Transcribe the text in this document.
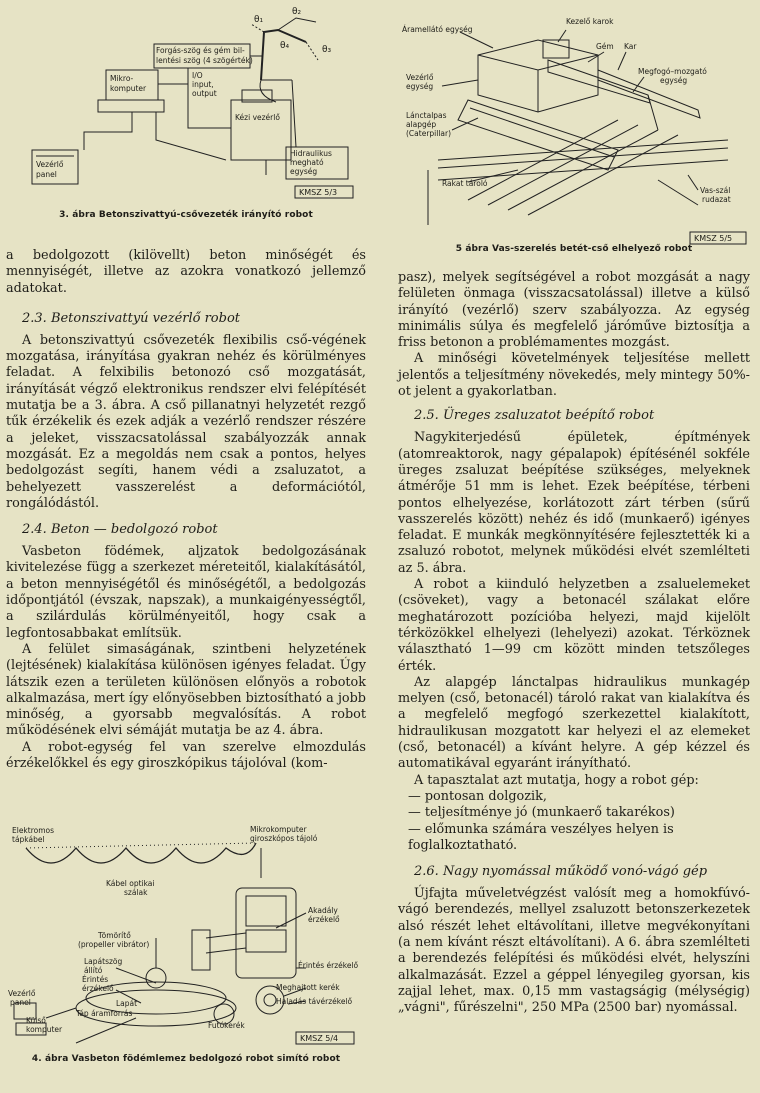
Forgás-szög és gém bil-
lentési szög (4 szögérték)
Mikro-
komputer
I/O
input,
output
Vezérlő
panel
Kézi vezérlő
Hidraulikus
megható
egység
θ₁
θ₂
θ₃
θ₄
KMSZ 5/3
3. ábra Betonszivattyú-csővezeték irányító robot

a bedolgozott (kilövellt) beton minőségét és mennyiségét, illetve az azokra vonatkozó jellemző adatokat.

2.3. Betonszivattyú vezérlő robot

A betonszivattyú csővezeték flexibilis cső-végének mozgatása, irányítása gyakran nehéz és körülményes feladat. A felxibilis betonozó cső mozgatását, irányítását végző elektronikus rendszer elvi felépítését mutatja be a 3. ábra. A cső pillanatnyi helyzetét rezgő tűk érzékelik és ezek adják a vezérlő rendszer részére a jeleket, visszacsatolással szabályozzák annak mozgását. Ez a megoldás nem csak a pontos, helyes bedolgozást segíti, hanem védi a zsaluzatot, a behelyezett vasszerelést a deformációtól, rongálódástól.

2.4. Beton — bedolgozó robot

Vasbeton födémek, aljzatok bedolgozásának kivitelezése függ a szerkezet méreteitől, kialakításától, a beton mennyiségétől és minőségétől, a bedolgozás időpontjától (évszak, napszak), a munkaigényességtől, a szilárdulás körülményeitől, hogy csak a legfontosabbakat említsük.

A felület simaságának, szintbeni helyzetének (lejtésének) kialakítása különösen igényes feladat. Úgy látszik ezen a területen különösen előnyös a robotok alkalmazása, mert így előnyösebben biztosítható a jobb minőség, a gyorsabb megvalósítás. A robot működésének elvi sémáját mutatja be az 4. ábra.

A robot-egység fel van szerelve elmozdulás érzékelőkkel és egy giroszkópikus tájolóval (kom-

Elektromos
tápkábel
Mikrokomputer
giroszkópos tájoló
Kábel optikai
szálak
Akadály
érzékelő
Tömörítő
(propeller vibrátor)
Lapátszög
állító
Érintés
érzékelő
Érintés érzékelő
Meghajtott kerék
Haladás távérzékelő
Lapát
Futókerék
Vezérlő
panel
Külső
komputer
Táp áramforrás
KMSZ 5/4
4. ábra Vasbeton födémlemez bedolgozó robot simító robot
Áramellátó egység
Kezelő karok
Gém Kar
Vezérlő
egység
Megfogó–mozgató
egység
Lánctalpas
alapgép
(Caterpillar)
Rakat tároló
Vas-szál
rudazat
KMSZ 5/5
5 ábra Vas-szerelés betét-cső elhelyező robot

pasz), melyek segítségével a robot mozgását a nagy felületen önmaga (visszacsatolással) illetve a külső irányító (vezérlő) szerv szabályozza. Az egység minimális súlya és megfelelő járóműve biztosítja a friss betonon a problémamentes mozgást.

A minőségi követelmények teljesítése mellett jelentős a teljesítmény növekedés, mely mintegy 50%-ot jelent a gyakorlatban.

2.5. Üreges zsaluzatot beépítő robot

Nagykiterjedésű épületek, építmények (atomreaktorok, nagy gépalapok) építésénél sokféle üreges zsaluzat beépítése szükséges, melyeknek átmérője 51 mm is lehet. Ezek beépítése, térbeni pontos elhelyezése, korlátozott zárt térben (sűrű vasszerelés között) nehéz és idő (munkaerő) igényes feladat. E munkák megkönnyítésére fejlesztették ki a zsaluzó robotot, melynek működési elvét szemlélteti az 5. ábra.

A robot a kiinduló helyzetben a zsaluelemeket (csöveket), vagy a betonacél szálakat előre meghatározott pozícióba helyezi, majd kijelölt térközökkel elhelyezi (lehelyezi) azokat. Térköznek választható 1—99 cm között minden tetszőleges érték.

Az alapgép lánctalpas hidraulikus munkagép melyen (cső, betonacél) tároló rakat van kialakítva és a megfelelő megfogó szerkezettel kialakított, hidraulikusan mozgatott kar helyezi el az elemeket (cső, betonacél) a kívánt helyre. A gép kézzel és automatikával egyaránt irányítható.

A tapasztalat azt mutatja, hogy a robot gép:

— pontosan dolgozik,
— teljesítménye jó (munkaerő takarékos)
— előmunka számára veszélyes helyen is foglalkoztatható.

2.6. Nagy nyomással működő vonó-vágó gép

Újfajta műveletvégzést valósít meg a homokfúvó-vágó berendezés, mellyel zsaluzott betonszerkezetek alsó részét lehet eltávolítani, illetve megvékonyítani (a nem kívánt részt eltávolítani). A 6. ábra szemlélteti a berendezés felépítési és működési elvét, helyszíni alkalmazását. Ezzel a géppel lényegileg gyorsan, kis zajjal lehet, max. 0,15 mm vastagságig (mélységig) „vágni", fűrészelni", 250 MPa (2500 bar) nyomással.
